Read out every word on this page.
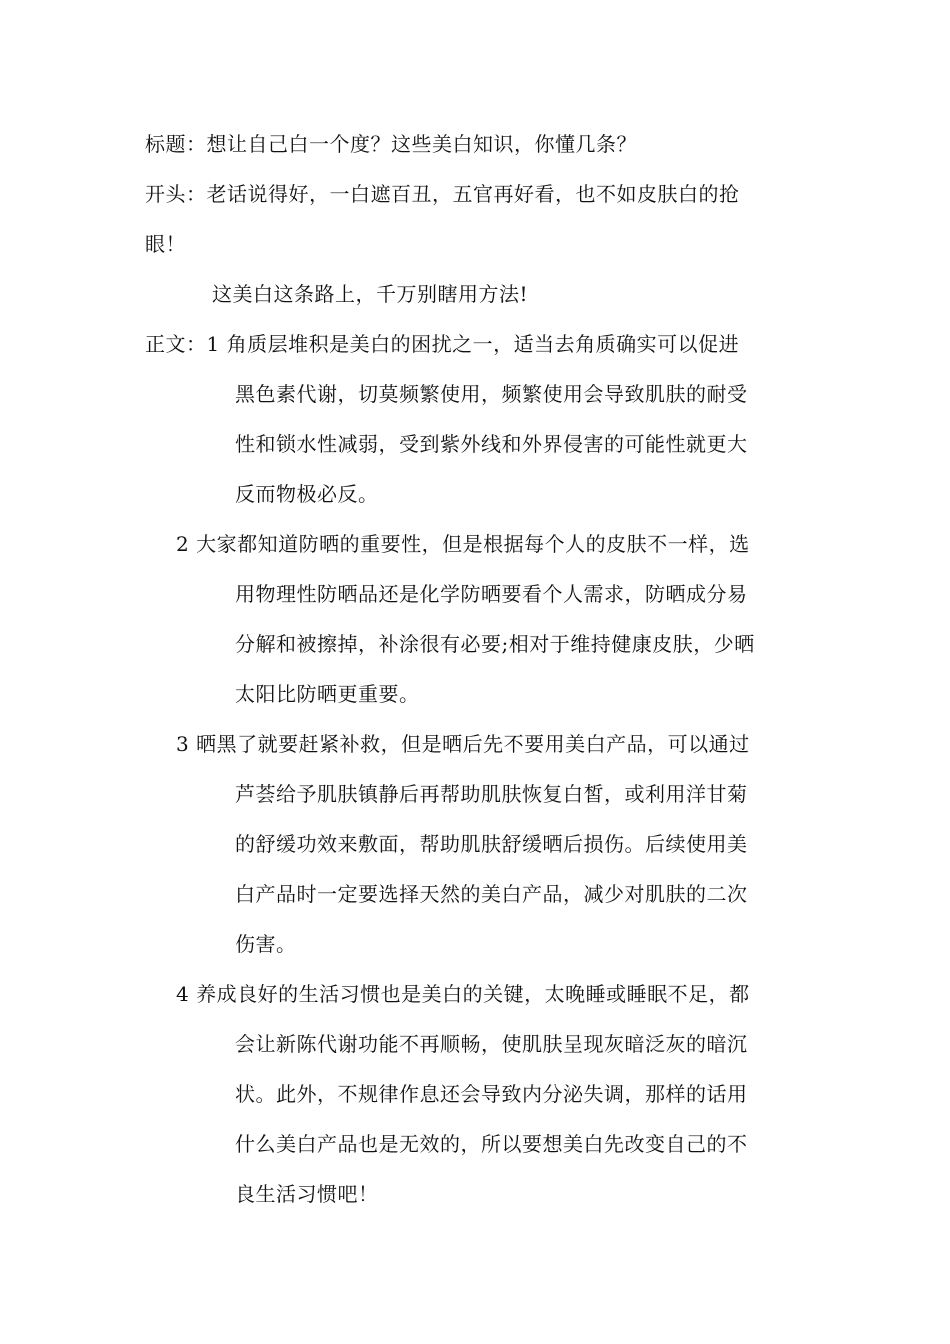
标题：想让自己白一个度？这些美白知识，你懂几条？
开头：老话说得好，一白遮百丑，五官再好看，也不如皮肤白的抢
眼！
这美白这条路上，千万别瞎用方法!
正文：1 角质层堆积是美白的困扰之一，适当去角质确实可以促进
黑色素代谢，切莫频繁使用，频繁使用会导致肌肤的耐受
性和锁水性减弱，受到紫外线和外界侵害的可能性就更大
反而物极必反。
2 大家都知道防晒的重要性，但是根据每个人的皮肤不一样，选
用物理性防晒品还是化学防晒要看个人需求，防晒成分易
分解和被擦掉，补涂很有必要;相对于维持健康皮肤，少晒
太阳比防晒更重要。
3 晒黑了就要赶紧补救，但是晒后先不要用美白产品，可以通过
芦荟给予肌肤镇静后再帮助肌肤恢复白皙，或利用洋甘菊
的舒缓功效来敷面，帮助肌肤舒缓晒后损伤。后续使用美
白产品时一定要选择天然的美白产品，减少对肌肤的二次
伤害。
4 养成良好的生活习惯也是美白的关键，太晚睡或睡眠不足，都
会让新陈代谢功能不再顺畅，使肌肤呈现灰暗泛灰的暗沉
状。此外，不规律作息还会导致内分泌失调，那样的话用
什么美白产品也是无效的，所以要想美白先改变自己的不
良生活习惯吧！
